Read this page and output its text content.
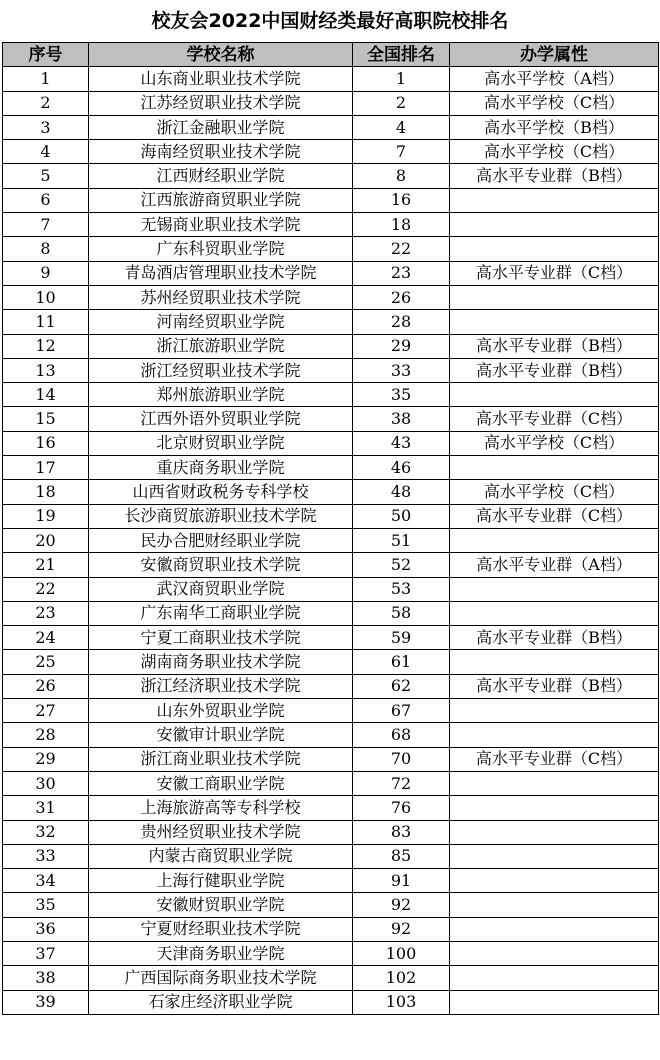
校友会2022中国财经类最好高职院校排名
序号	学校名称	全国排名	办学属性
1	山东商业职业技术学院	1	高水平学校（A档）
2	江苏经贸职业技术学院	2	高水平学校（C档）
3	浙江金融职业学院	4	高水平学校（B档）
4	海南经贸职业技术学院	7	高水平学校（C档）
5	江西财经职业学院	8	高水平专业群（B档）
6	江西旅游商贸职业学院	16	
7	无锡商业职业技术学院	18	
8	广东科贸职业学院	22	
9	青岛酒店管理职业技术学院	23	高水平专业群（C档）
10	苏州经贸职业技术学院	26	
11	河南经贸职业学院	28	
12	浙江旅游职业学院	29	高水平专业群（B档）
13	浙江经贸职业技术学院	33	高水平专业群（B档）
14	郑州旅游职业学院	35	
15	江西外语外贸职业学院	38	高水平专业群（C档）
16	北京财贸职业学院	43	高水平学校（C档）
17	重庆商务职业学院	46	
18	山西省财政税务专科学校	48	高水平学校（C档）
19	长沙商贸旅游职业技术学院	50	高水平专业群（C档）
20	民办合肥财经职业学院	51	
21	安徽商贸职业技术学院	52	高水平专业群（A档）
22	武汉商贸职业学院	53	
23	广东南华工商职业学院	58	
24	宁夏工商职业技术学院	59	高水平专业群（B档）
25	湖南商务职业技术学院	61	
26	浙江经济职业技术学院	62	高水平专业群（B档）
27	山东外贸职业学院	67	
28	安徽审计职业学院	68	
29	浙江商业职业技术学院	70	高水平专业群（C档）
30	安徽工商职业学院	72	
31	上海旅游高等专科学校	76	
32	贵州经贸职业技术学院	83	
33	内蒙古商贸职业学院	85	
34	上海行健职业学院	91	
35	安徽财贸职业学院	92	
36	宁夏财经职业技术学院	92	
37	天津商务职业学院	100	
38	广西国际商务职业技术学院	102	
39	石家庄经济职业学院	103	
